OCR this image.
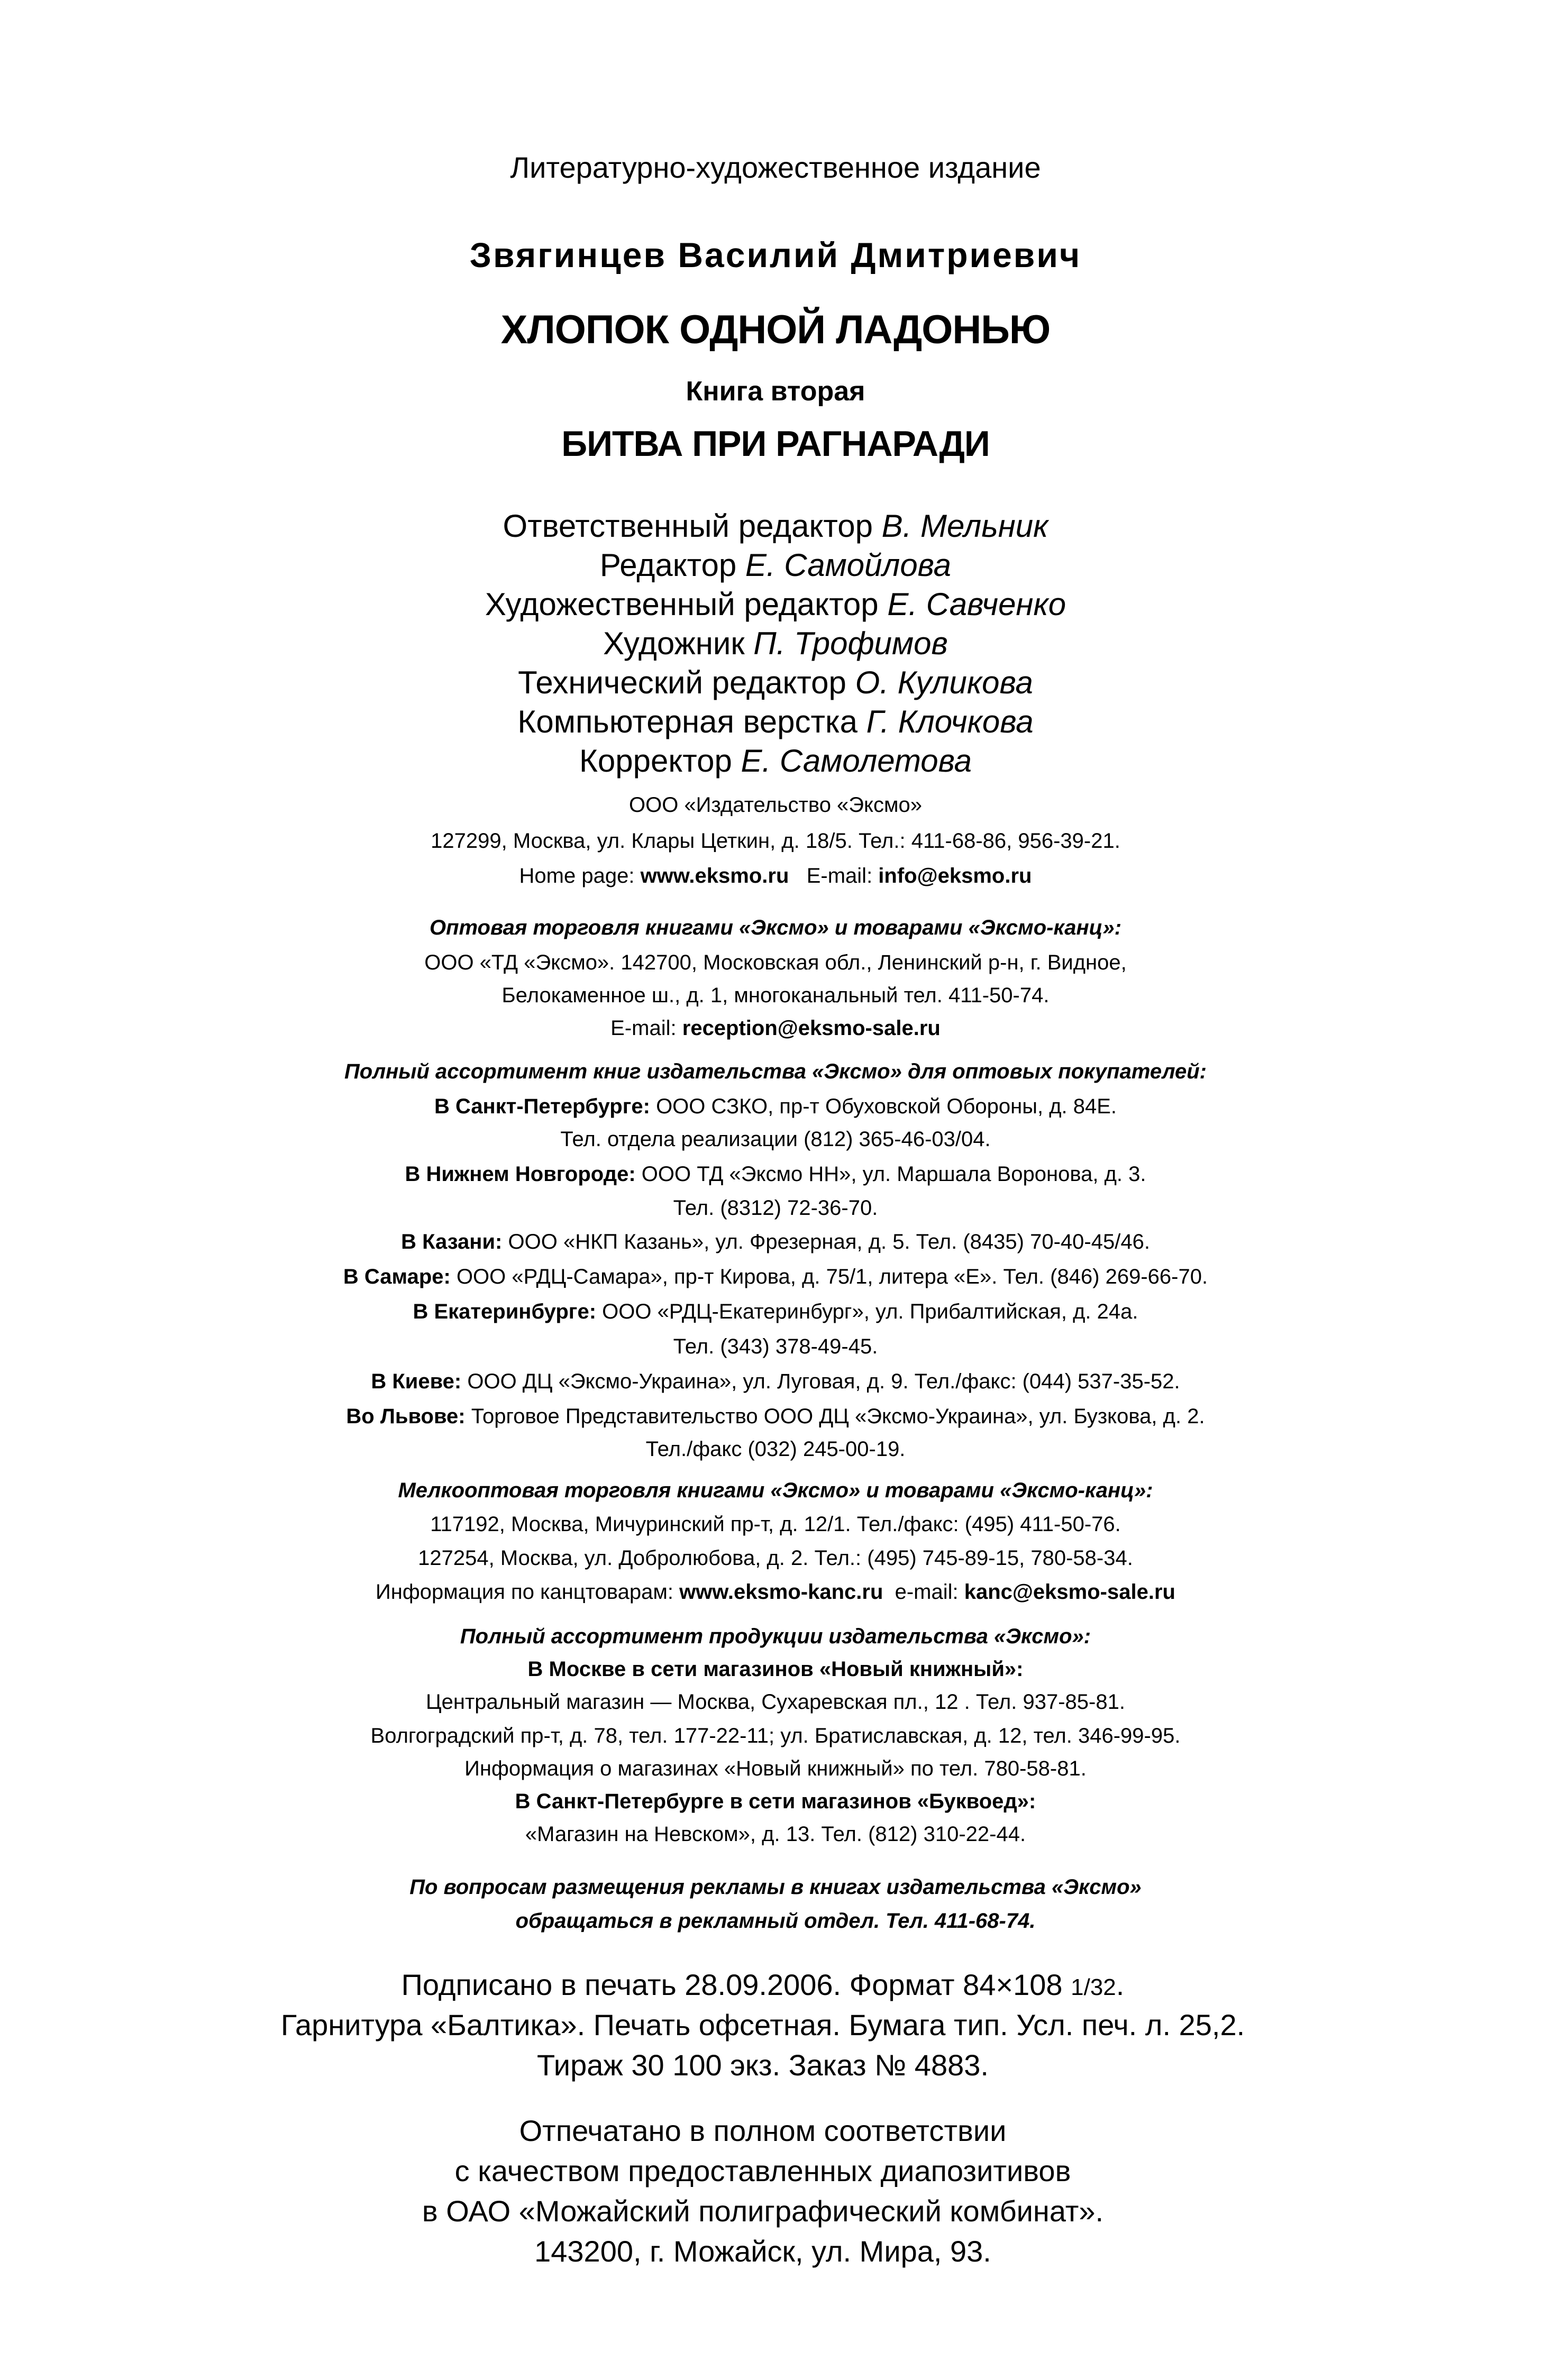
Литературно-художественное издание
Звягинцев Василий Дмитриевич
ХЛОПОК ОДНОЙ ЛАДОНЬЮ
Книга вторая
БИТВА ПРИ РАГНАРАДИ
Ответственный редактор В. Мельник
Редактор Е. Самойлова
Художественный редактор Е. Савченко
Художник П. Трофимов
Технический редактор О. Куликова
Компьютерная верстка Г. Клочкова
Корректор Е. Самолетова
ООО «Издательство «Эксмо»
127299, Москва, ул. Клары Цеткин, д. 18/5. Тел.: 411-68-86, 956-39-21.
Home page: www.eksmo.ru   E-mail: info@eksmo.ru
Оптовая торговля книгами «Эксмо» и товарами «Эксмо-канц»:
ООО «ТД «Эксмо». 142700, Московская обл., Ленинский р-н, г. Видное,
Белокаменное ш., д. 1, многоканальный тел. 411-50-74.
E-mail: reception@eksmo-sale.ru
Полный ассортимент книг издательства «Эксмо» для оптовых покупателей:
В Санкт-Петербурге: ООО СЗКО, пр-т Обуховской Обороны, д. 84Е.
Тел. отдела реализации (812) 365-46-03/04.
В Нижнем Новгороде: ООО ТД «Эксмо НН», ул. Маршала Воронова, д. 3.
Тел. (8312) 72-36-70.
В Казани: ООО «НКП Казань», ул. Фрезерная, д. 5. Тел. (8435) 70-40-45/46.
В Самаре: ООО «РДЦ-Самара», пр-т Кирова, д. 75/1, литера «Е». Тел. (846) 269-66-70.
В Екатеринбурге: ООО «РДЦ-Екатеринбург», ул. Прибалтийская, д. 24а.
Тел. (343) 378-49-45.
В Киеве: ООО ДЦ «Эксмо-Украина», ул. Луговая, д. 9. Тел./факс: (044) 537-35-52.
Во Львове: Торговое Представительство ООО ДЦ «Эксмо-Украина», ул. Бузкова, д. 2.
Тел./факс (032) 245-00-19.
Мелкооптовая торговля книгами «Эксмо» и товарами «Эксмо-канц»:
117192, Москва, Мичуринский пр-т, д. 12/1. Тел./факс: (495) 411-50-76.
127254, Москва, ул. Добролюбова, д. 2. Тел.: (495) 745-89-15, 780-58-34.
Информация по канцтоварам: www.eksmo-kanc.ru  e-mail: kanc@eksmo-sale.ru
Полный ассортимент продукции издательства «Эксмо»:
В Москве в сети магазинов «Новый книжный»:
Центральный магазин — Москва, Сухаревская пл., 12 . Тел. 937-85-81.
Волгоградский пр-т, д. 78, тел. 177-22-11; ул. Братиславская, д. 12, тел. 346-99-95.
Информация о магазинах «Новый книжный» по тел. 780-58-81.
В Санкт-Петербурге в сети магазинов «Буквоед»:
«Магазин на Невском», д. 13. Тел. (812) 310-22-44.
По вопросам размещения рекламы в книгах издательства «Эксмо»
обращаться в рекламный отдел. Тел. 411-68-74.
Подписано в печать 28.09.2006. Формат 84×108 1/32.
Гарнитура «Балтика». Печать офсетная. Бумага тип. Усл. печ. л. 25,2.
Тираж 30 100 экз. Заказ № 4883.
Отпечатано в полном соответствии
с качеством предоставленных диапозитивов
в ОАО «Можайский полиграфический комбинат».
143200, г. Можайск, ул. Мира, 93.
